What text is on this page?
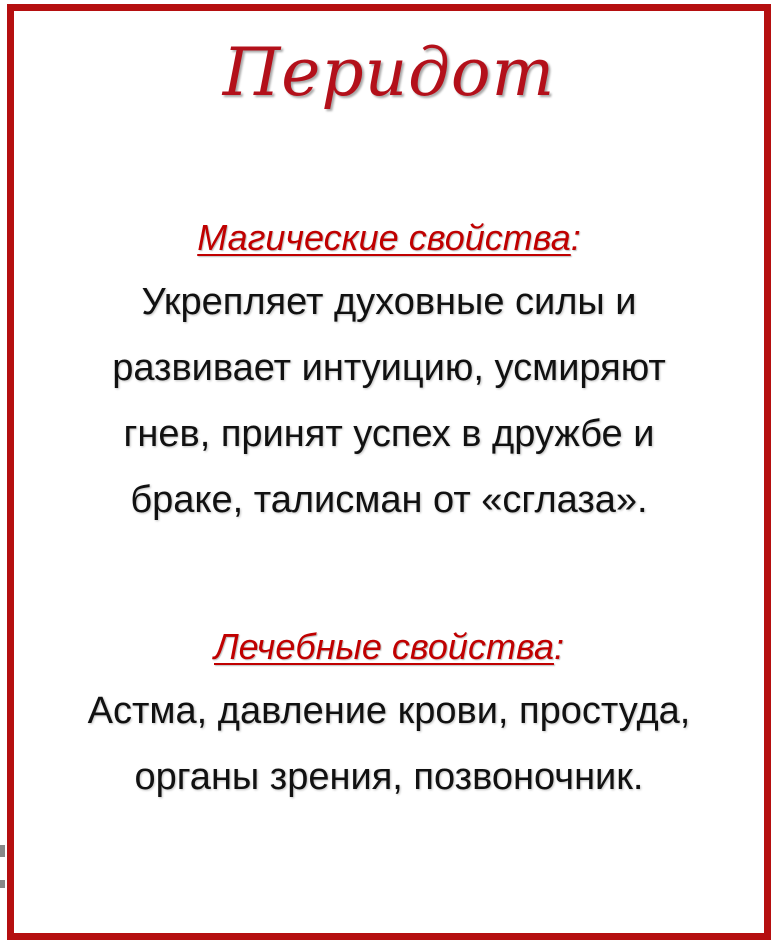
Перидот
Магические свойства:
Укрепляет духовные силы и
развивает интуицию, усмиряют
гнев, принят успех в дружбе и
браке, талисман от «сглаза».
Лечебные свойства:
Астма, давление крови, простуда,
органы зрения, позвоночник.
